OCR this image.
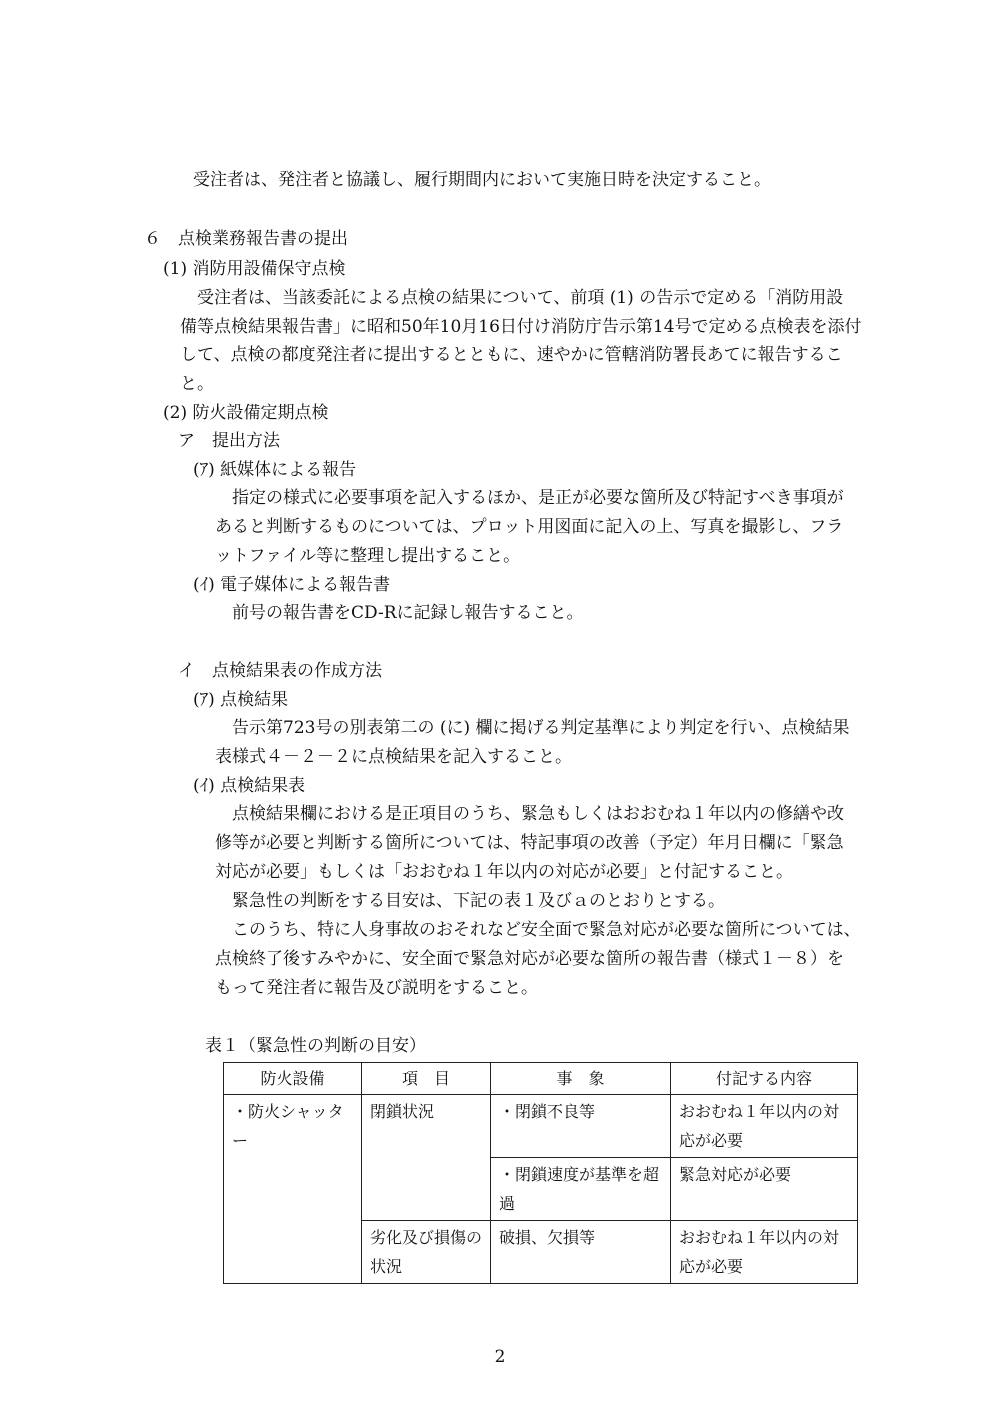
受注者は、発注者と協議し、履行期間内において実施日時を決定すること。
６　点検業務報告書の提出
(1) 消防用設備保守点検
受注者は、当該委託による点検の結果について、前項 (1) の告示で定める「消防用設
備等点検結果報告書」に昭和50年10月16日付け消防庁告示第14号で定める点検表を添付
して、点検の都度発注者に提出するとともに、速やかに管轄消防署長あてに報告するこ
と。
(2) 防火設備定期点検
ア　提出方法
(ｱ) 紙媒体による報告
指定の様式に必要事項を記入するほか、是正が必要な箇所及び特記すべき事項が
あると判断するものについては、プロット用図面に記入の上、写真を撮影し、フラ
ットファイル等に整理し提出すること。
(ｲ) 電子媒体による報告書
前号の報告書をCD-Rに記録し報告すること。
イ　点検結果表の作成方法
(ｱ) 点検結果
告示第723号の別表第二の (に) 欄に掲げる判定基準により判定を行い、点検結果
表様式４－２－２に点検結果を記入すること。
(ｲ) 点検結果表
点検結果欄における是正項目のうち、緊急もしくはおおむね１年以内の修繕や改
修等が必要と判断する箇所については、特記事項の改善（予定）年月日欄に「緊急
対応が必要」もしくは「おおむね１年以内の対応が必要」と付記すること。
緊急性の判断をする目安は、下記の表１及びａのとおりとする。
このうち、特に人身事故のおそれなど安全面で緊急対応が必要な箇所については、
点検終了後すみやかに、安全面で緊急対応が必要な箇所の報告書（様式１－８）を
もって発注者に報告及び説明をすること。
表１（緊急性の判断の目安）
防火設備	項　目	事　象	付記する内容
・防火シャッター	閉鎖状況	・閉鎖不良等	おおむね１年以内の対応が必要
		・閉鎖速度が基準を超過	緊急対応が必要
	劣化及び損傷の状況	破損、欠損等	おおむね１年以内の対応が必要
2
